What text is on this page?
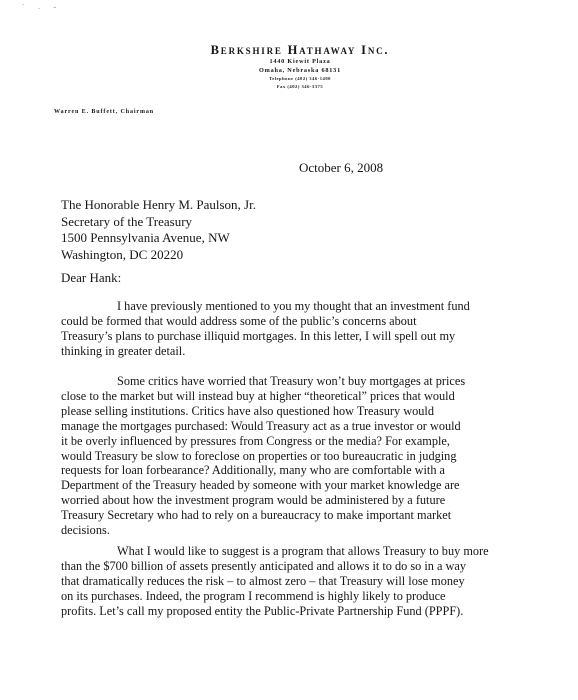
` . -

Berkshire Hathaway Inc.

1440 Kiewit Plaza

Omaha, Nebraska 68131

Telephone (402) 346-1400

Fax (402) 346-3375

Warren E. Buffett, Chairman

October 6, 2008

The Honorable Henry M. Paulson, Jr.
Secretary of the Treasury
1500 Pennsylvania Avenue, NW
Washington, DC 20220

Dear Hank:

I have previously mentioned to you my thought that an investment fund
could be formed that would address some of the public’s concerns about
Treasury’s plans to purchase illiquid mortgages. In this letter, I will spell out my
thinking in greater detail.
Some critics have worried that Treasury won’t buy mortgages at prices
close to the market but will instead buy at higher “theoretical” prices that would
please selling institutions. Critics have also questioned how Treasury would
manage the mortgages purchased: Would Treasury act as a true investor or would
it be overly influenced by pressures from Congress or the media? For example,
would Treasury be slow to foreclose on properties or too bureaucratic in judging
requests for loan forbearance? Additionally, many who are comfortable with a
Department of the Treasury headed by someone with your market knowledge are
worried about how the investment program would be administered by a future
Treasury Secretary who had to rely on a bureaucracy to make important market
decisions.
What I would like to suggest is a program that allows Treasury to buy more
than the $700 billion of assets presently anticipated and allows it to do so in a way
that dramatically reduces the risk – to almost zero – that Treasury will lose money
on its purchases. Indeed, the program I recommend is highly likely to produce
profits. Let’s call my proposed entity the Public-Private Partnership Fund (PPPF).
